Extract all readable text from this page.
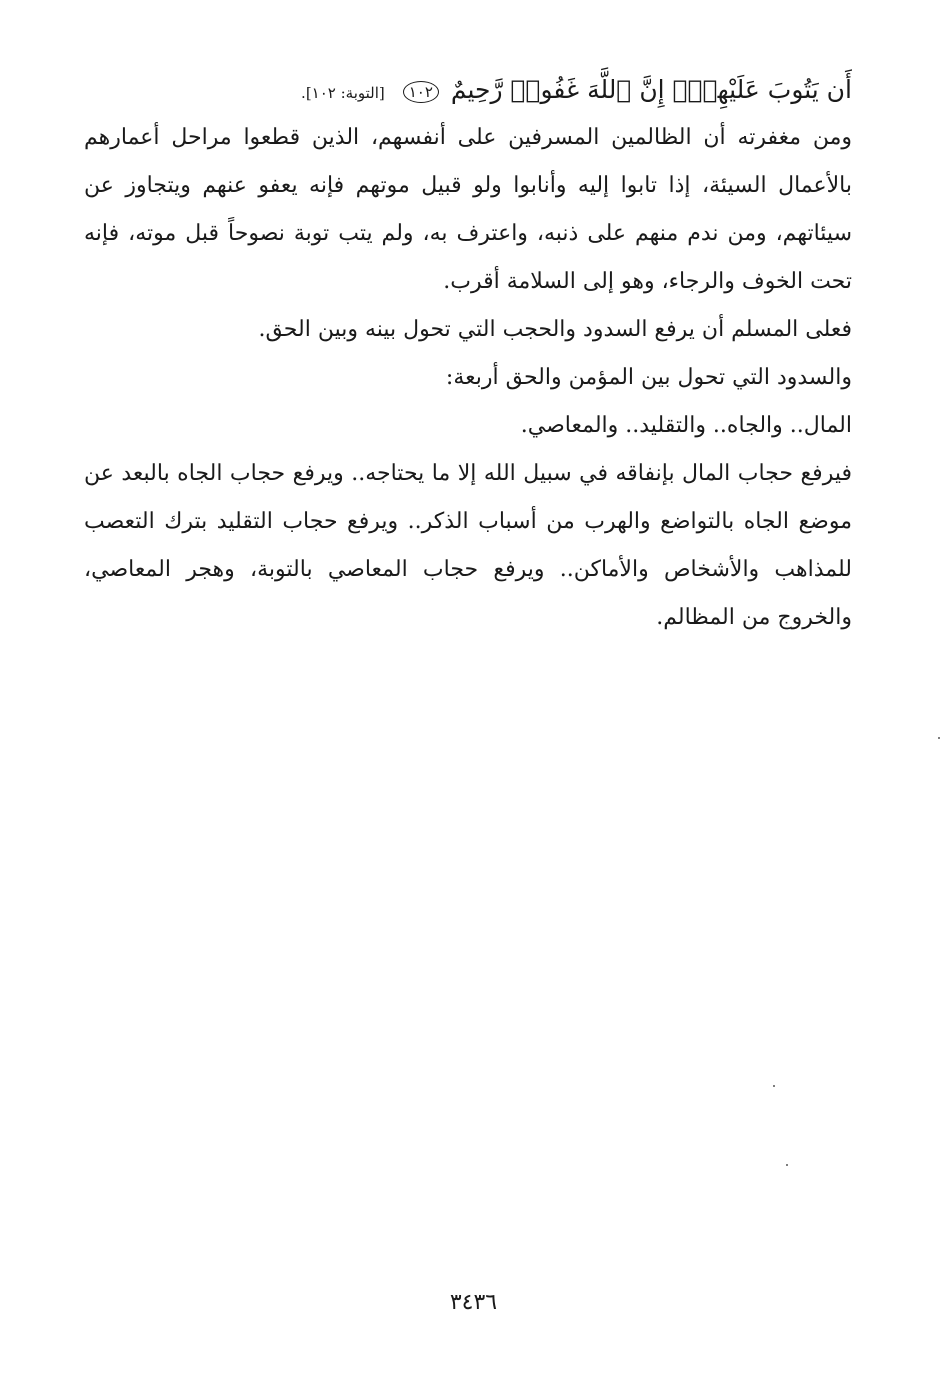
أَن يَتُوبَ عَلَيْهِمْۚ إِنَّ ٱللَّهَ غَفُورٞ رَّحِيمٌ ١٠٢ [التوبة: ١٠٢].

ومن مغفرته أن الظالمين المسرفين على أنفسهم، الذين قطعوا مراحل أعمارهم بالأعمال السيئة، إذا تابوا إليه وأنابوا ولو قبيل موتهم فإنه يعفو عنهم ويتجاوز عن سيئاتهم، ومن ندم منهم على ذنبه، واعترف به، ولم يتب توبة نصوحاً قبل موته، فإنه تحت الخوف والرجاء، وهو إلى السلامة أقرب.

فعلى المسلم أن يرفع السدود والحجب التي تحول بينه وبين الحق.

والسدود التي تحول بين المؤمن والحق أربعة:

المال.. والجاه.. والتقليد.. والمعاصي.

فيرفع حجاب المال بإنفاقه في سبيل الله إلا ما يحتاجه.. ويرفع حجاب الجاه بالبعد عن موضع الجاه بالتواضع والهرب من أسباب الذكر.. ويرفع حجاب التقليد بترك التعصب للمذاهب والأشخاص والأماكن.. ويرفع حجاب المعاصي بالتوبة، وهجر المعاصي، والخروج من المظالم.

٣٤٣٦
